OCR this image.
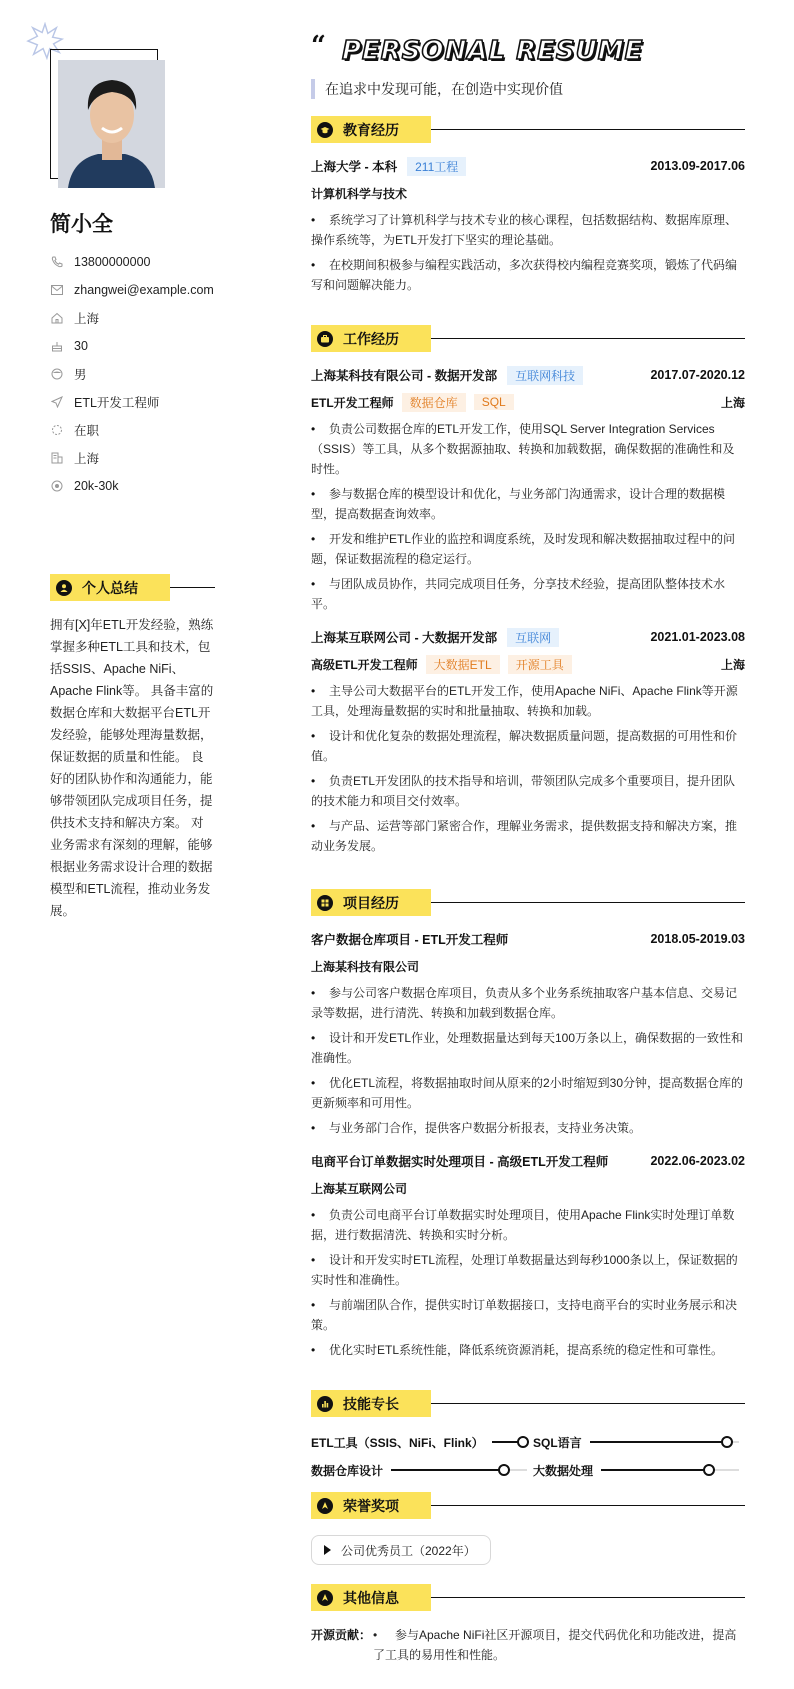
简小全
13800000000
zhangwei@example.com
上海
30
男
ETL开发工程师
在职
上海
20k-30k
个人总结
拥有[X]年ETL开发经验，熟练掌握多种ETL工具和技术，包括SSIS、Apache NiFi、Apache Flink等。 具备丰富的数据仓库和大数据平台ETL开发经验，能够处理海量数据，保证数据的质量和性能。 良好的团队协作和沟通能力，能够带领团队完成项目任务，提供技术支持和解决方案。 对业务需求有深刻的理解，能够根据业务需求设计合理的数据模型和ETL流程，推动业务发展。
“ PERSONAL RESUME
在追求中发现可能，在创造中实现价值
教育经历
上海大学 - 本科	211工程	2013.09-2017.06
计算机科学与技术
• 系统学习了计算机科学与技术专业的核心课程，包括数据结构、数据库原理、操作系统等，为ETL开发打下坚实的理论基础。
• 在校期间积极参与编程实践活动，多次获得校内编程竞赛奖项，锻炼了代码编写和问题解决能力。
工作经历
上海某科技有限公司 - 数据开发部	互联网科技	2017.07-2020.12
ETL开发工程师	数据仓库	SQL	上海
• 负责公司数据仓库的ETL开发工作，使用SQL Server Integration Services（SSIS）等工具，从多个数据源抽取、转换和加载数据，确保数据的准确性和及时性。
• 参与数据仓库的模型设计和优化，与业务部门沟通需求，设计合理的数据模型，提高数据查询效率。
• 开发和维护ETL作业的监控和调度系统，及时发现和解决数据抽取过程中的问题，保证数据流程的稳定运行。
• 与团队成员协作，共同完成项目任务，分享技术经验，提高团队整体技术水平。
上海某互联网公司 - 大数据开发部	互联网	2021.01-2023.08
高级ETL开发工程师	大数据ETL	开源工具	上海
• 主导公司大数据平台的ETL开发工作，使用Apache NiFi、Apache Flink等开源工具，处理海量数据的实时和批量抽取、转换和加载。
• 设计和优化复杂的数据处理流程，解决数据质量问题，提高数据的可用性和价值。
• 负责ETL开发团队的技术指导和培训，带领团队完成多个重要项目，提升团队的技术能力和项目交付效率。
• 与产品、运营等部门紧密合作，理解业务需求，提供数据支持和解决方案，推动业务发展。
项目经历
客户数据仓库项目 - ETL开发工程师	2018.05-2019.03
上海某科技有限公司
• 参与公司客户数据仓库项目，负责从多个业务系统抽取客户基本信息、交易记录等数据，进行清洗、转换和加载到数据仓库。
• 设计和开发ETL作业，处理数据量达到每天100万条以上，确保数据的一致性和准确性。
• 优化ETL流程，将数据抽取时间从原来的2小时缩短到30分钟，提高数据仓库的更新频率和可用性。
• 与业务部门合作，提供客户数据分析报表，支持业务决策。
电商平台订单数据实时处理项目 - 高级ETL开发工程师	2022.06-2023.02
上海某互联网公司
• 负责公司电商平台订单数据实时处理项目，使用Apache Flink实时处理订单数据，进行数据清洗、转换和实时分析。
• 设计和开发实时ETL流程，处理订单数据量达到每秒1000条以上，保证数据的实时性和准确性。
• 与前端团队合作，提供实时订单数据接口，支持电商平台的实时业务展示和决策。
• 优化实时ETL系统性能，降低系统资源消耗，提高系统的稳定性和可靠性。
技能专长
ETL工具（SSIS、NiFi、Flink）	SQL语言
数据仓库设计	大数据处理
荣誉奖项
公司优秀员工（2022年）
其他信息
开源贡献：	• 参与Apache NiFi社区开源项目，提交代码优化和功能改进，提高了工具的易用性和性能。
